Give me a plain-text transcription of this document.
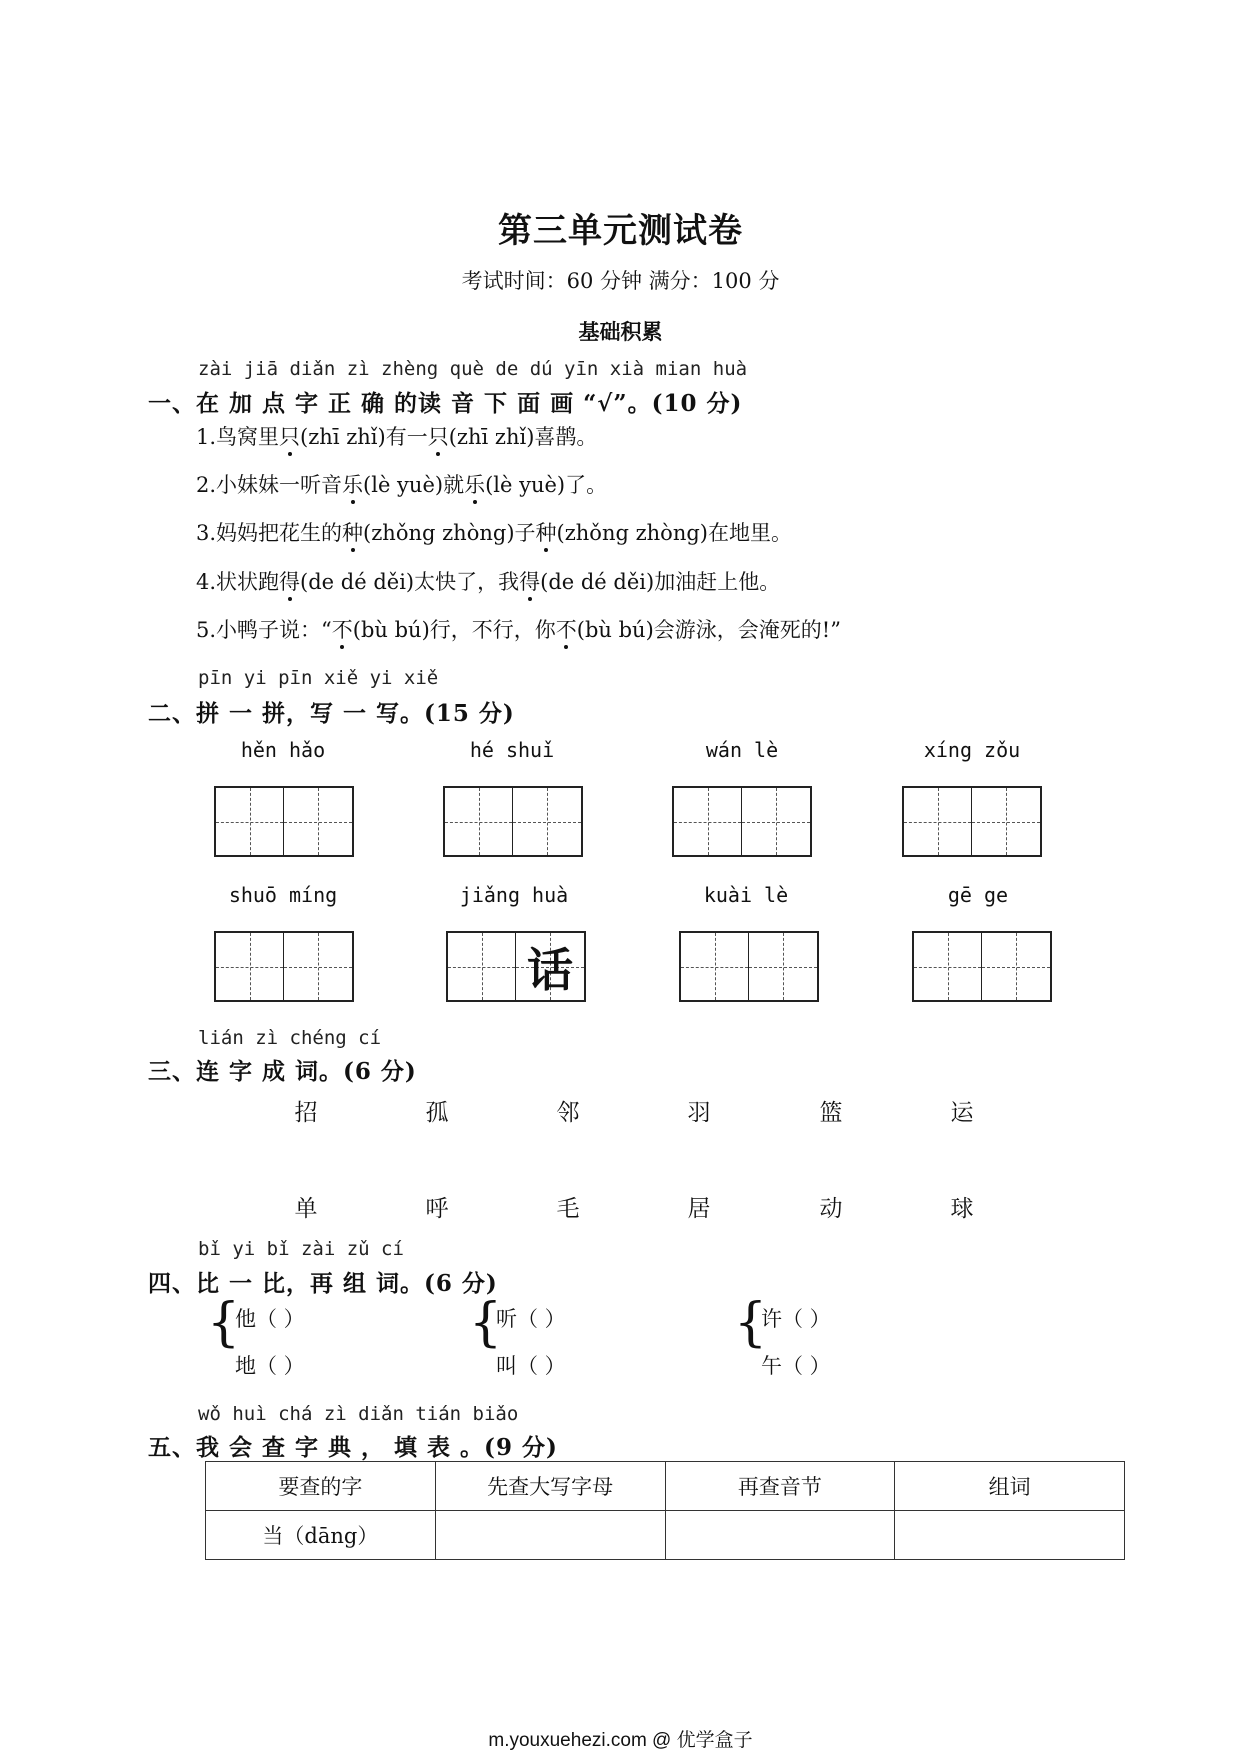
第三单元测试卷
考试时间：60 分钟 满分：100 分
基础积累
zài jiā diǎn zì zhèng què de dú yīn xià mian huà
一、在 加 点 字 正 确 的读 音 下 面 画 “√”。(10 分)
1.鸟窝里只(zhī zhǐ)有一只(zhī zhǐ)喜鹊。
2.小妹妹一听音乐(lè yuè)就乐(lè yuè)了。
3.妈妈把花生的种(zhǒng zhòng)子种(zhǒng zhòng)在地里。
4.状状跑得(de dé děi)太快了，我得(de dé děi)加油赶上他。
5.小鸭子说：“不(bù bú)行，不行，你不(bù bú)会游泳，会淹死的!”
pīn yi pīn xiě yi xiě
二、拼 一 拼，写 一 写。(15 分)
hěn hǎo	hé shuǐ	wán lè	xíng zǒu
shuō míng	jiǎng huà	kuài lè	gē ge
话
lián zì chéng cí
三、连 字 成 词。(6 分)
招	孤	邻	羽	篮	运
单	呼	毛	居	动	球
bǐ yi bǐ zài zǔ cí
四、比 一 比，再 组 词。(6 分)
{
他（ ）
地（ ）
{
听（ ）
叫（ ）
{
许（ ）
午（ ）
wǒ huì chá zì diǎn tián biǎo
五、我 会 查 字 典 ， 填 表 。(9 分)
要查的字	先查大写字母	再查音节	组词
当（dāng）			
m.youxuehezi.com @ 优学盒子
